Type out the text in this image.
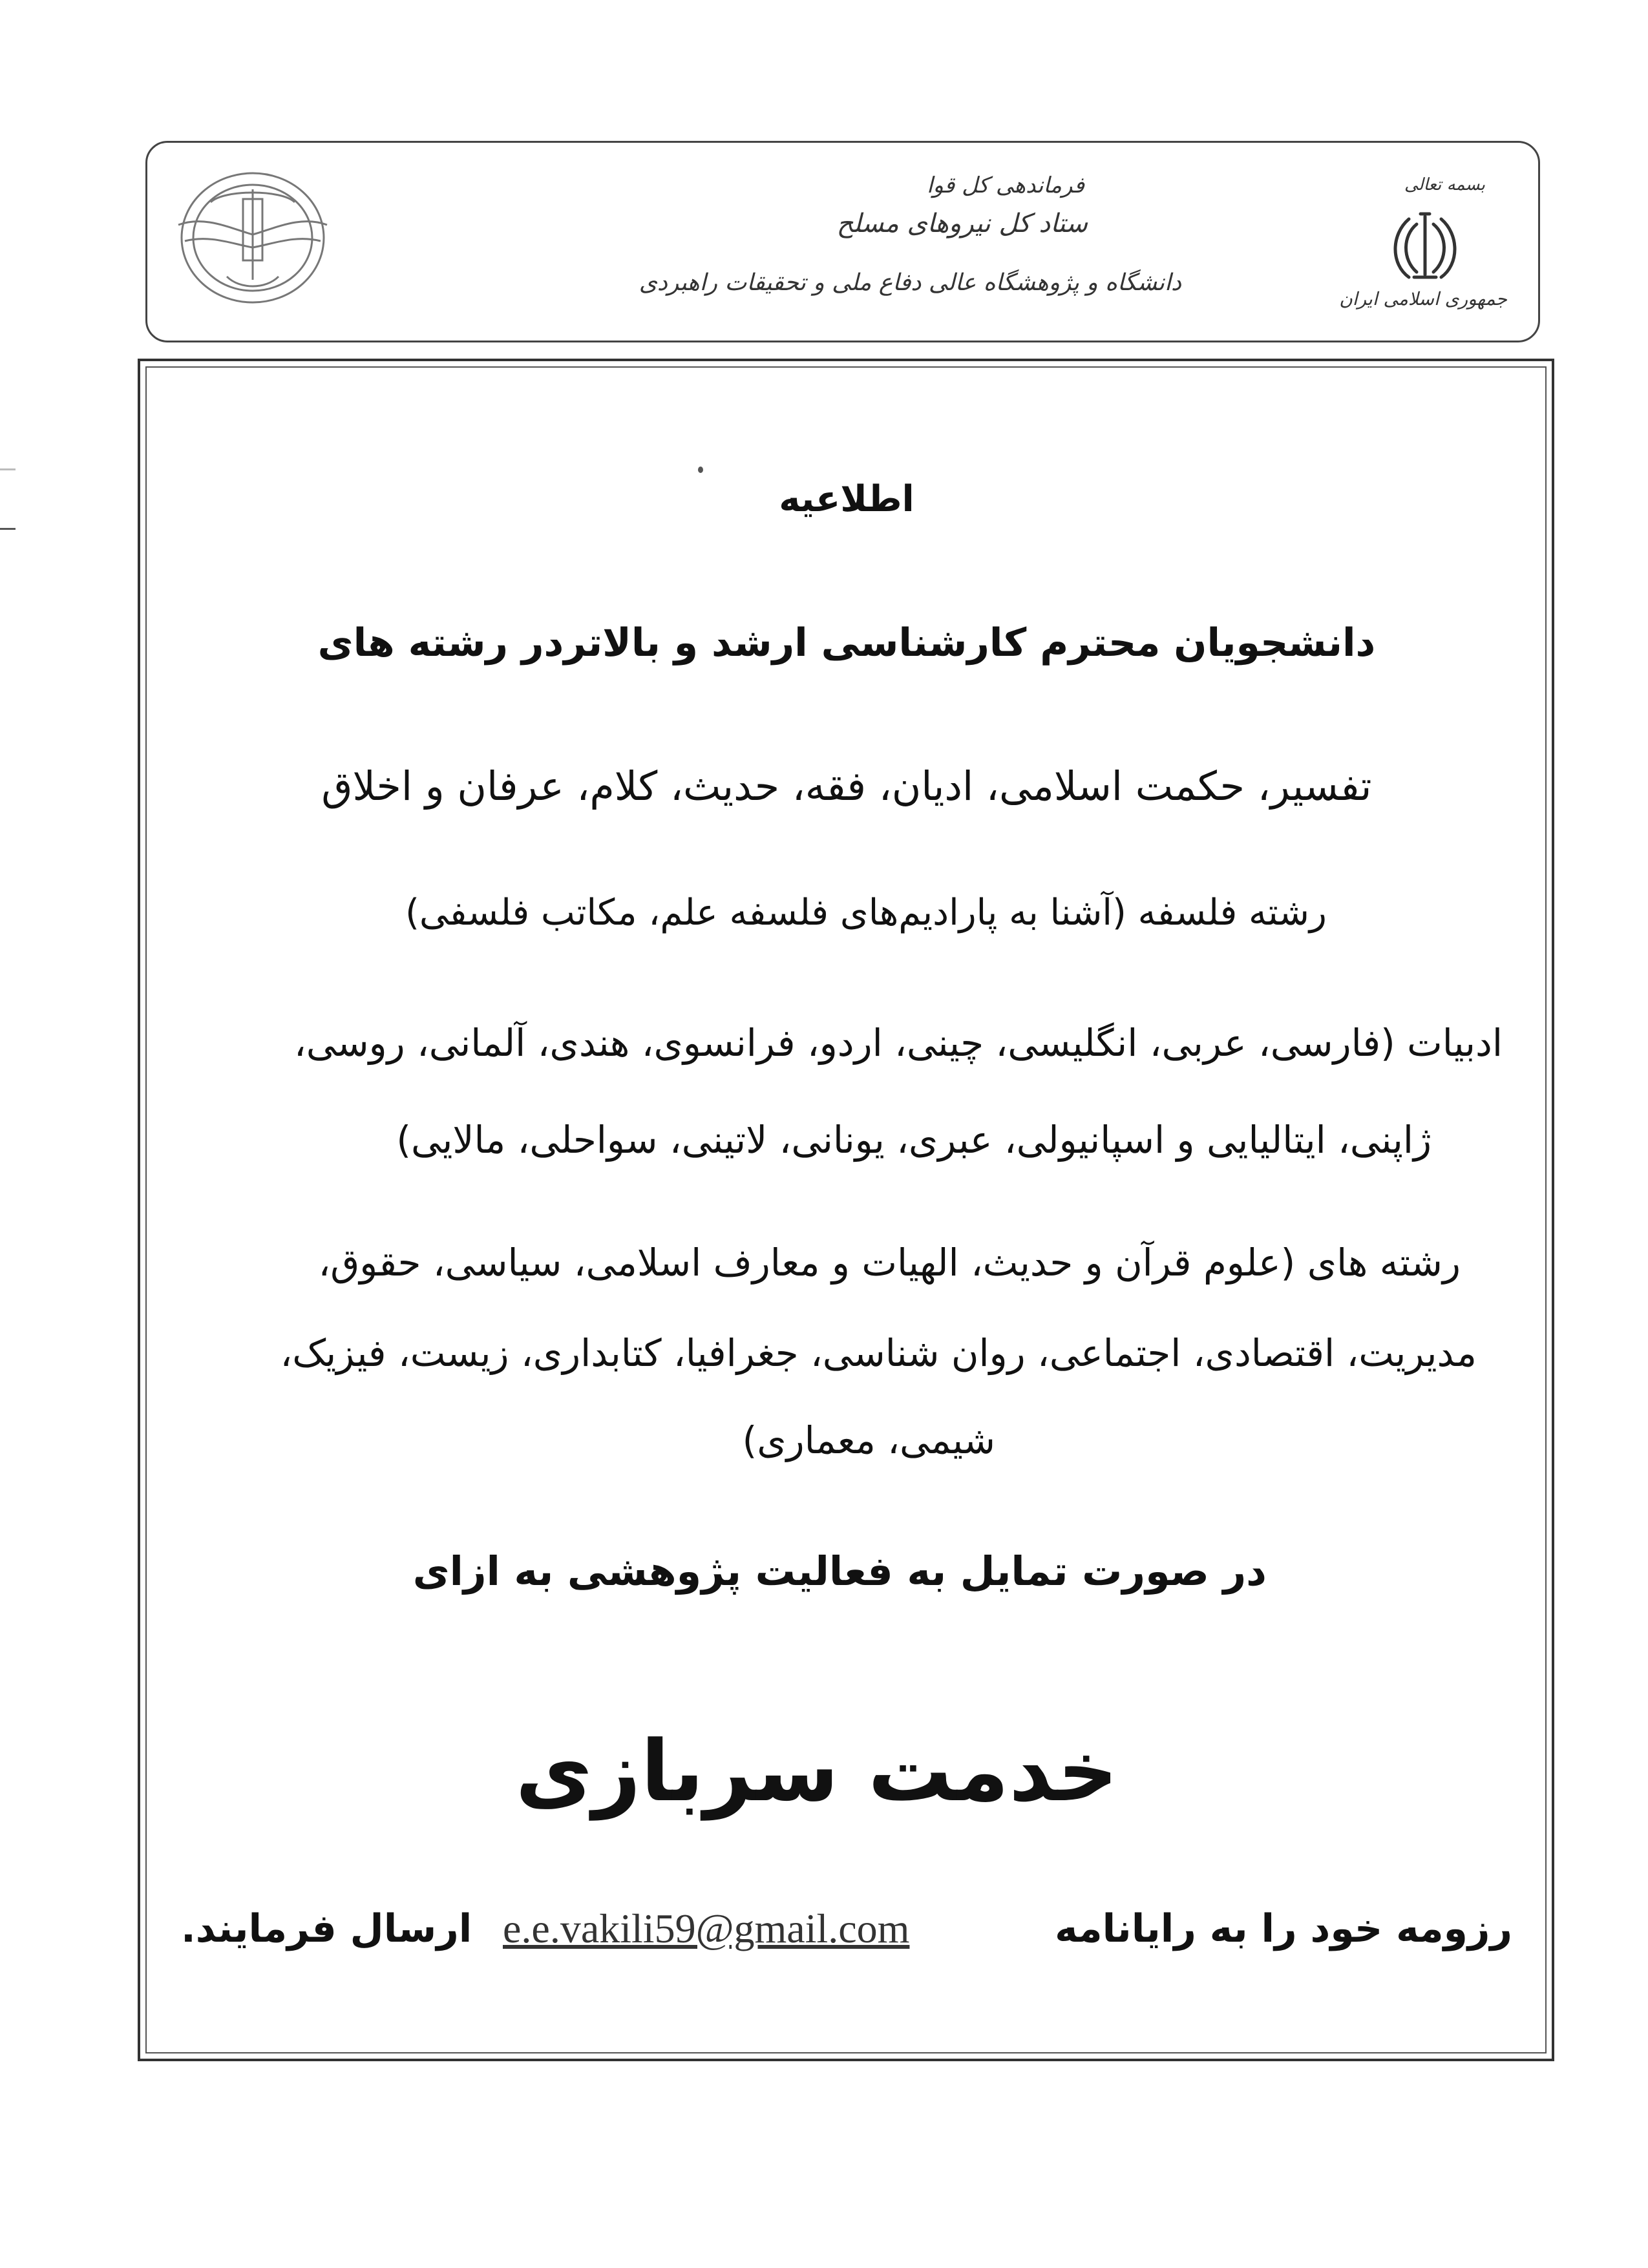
بسمه تعالی
جمهوری اسلامی ایران
فرماندهی کل قوا
ستاد کل نیروهای مسلح
دانشگاه و پژوهشگاه عالی دفاع ملی و تحقیقات راهبردی
اطلاعیه
دانشجویان محترم کارشناسی ارشد و بالاتردر رشته های
تفسیر، حکمت اسلامی، ادیان، فقه، حدیث، کلام، عرفان و اخلاق
رشته فلسفه (آشنا به پارادیم‌های فلسفه علم، مکاتب فلسفی)
ادبیات (فارسی، عربی، انگلیسی، چینی، اردو، فرانسوی، هندی، آلمانی، روسی،
ژاپنی، ایتالیایی و اسپانیولی، عبری، یونانی، لاتینی، سواحلی، مالایی)
رشته های (علوم قرآن و حدیث، الهیات و معارف اسلامی، سیاسی، حقوق،
مدیریت، اقتصادی، اجتماعی، روان شناسی، جغرافیا، کتابداری، زیست، فیزیک،
شیمی، معماری)
در صورت تمایل به فعالیت پژوهشی به ازای
خدمت سربازی
رزومه خود را به رایانامه
e.e.vakili59@gmail.com
ارسال فرمایند.
